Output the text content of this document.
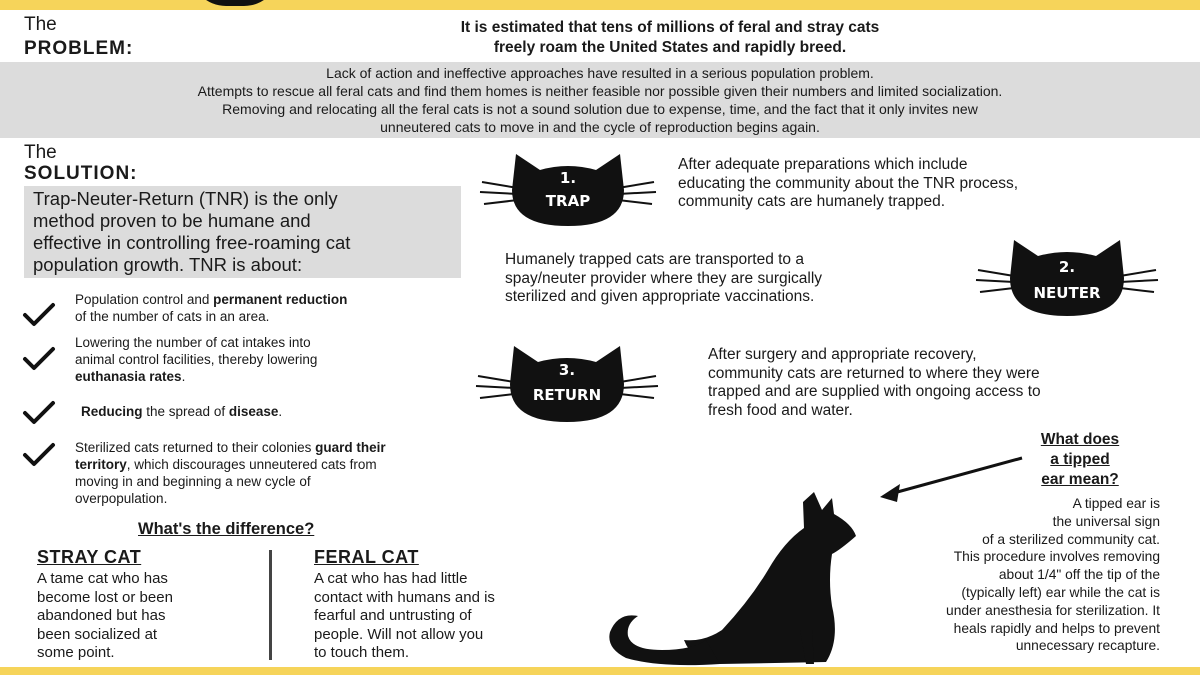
The
PROBLEM:
It is estimated that tens of millions of feral and stray cats
freely roam the United States and rapidly breed.
Lack of action and ineffective approaches have resulted in a serious population problem.
Attempts to rescue all feral cats and find them homes is neither feasible nor possible given their numbers and limited socialization.
Removing and relocating all the feral cats is not a sound solution due to expense, time, and the fact that it only invites new
unneutered cats to move in and the cycle of reproduction begins again.
The
SOLUTION:
Trap-Neuter-Return (TNR) is the only
method proven to be humane and
effective in controlling free-roaming cat
population growth. TNR is about:
Population control and permanent reduction
of the number of cats in an area.
Lowering the number of cat intakes into
animal control facilities, thereby lowering
euthanasia rates.
Reducing the spread of disease.
Sterilized cats returned to their colonies guard their
territory, which discourages unneutered cats from
moving in and beginning a new cycle of
overpopulation.
What's the difference?
STRAY CAT
A tame cat who has
become lost or been
abandoned but has
been socialized at
some point.
FERAL CAT
A cat who has had little
contact with humans and is
fearful and untrusting of
people. Will not allow you
to touch them.
1.
TRAP
After adequate preparations which include
educating the community about the TNR process,
community cats are humanely trapped.
Humanely trapped cats are transported to a
spay/neuter provider where they are surgically
sterilized and given appropriate vaccinations.
2.
NEUTER
3.
RETURN
After surgery and appropriate recovery,
community cats are returned to where they were
trapped and are supplied with ongoing access to
fresh food and water.
What does
a tipped
ear mean?
A tipped ear is
the universal sign
of a sterilized community cat.
This procedure involves removing
about 1/4" off the tip of the
(typically left) ear while the cat is
under anesthesia for sterilization. It
heals rapidly and helps to prevent
unnecessary recapture.
